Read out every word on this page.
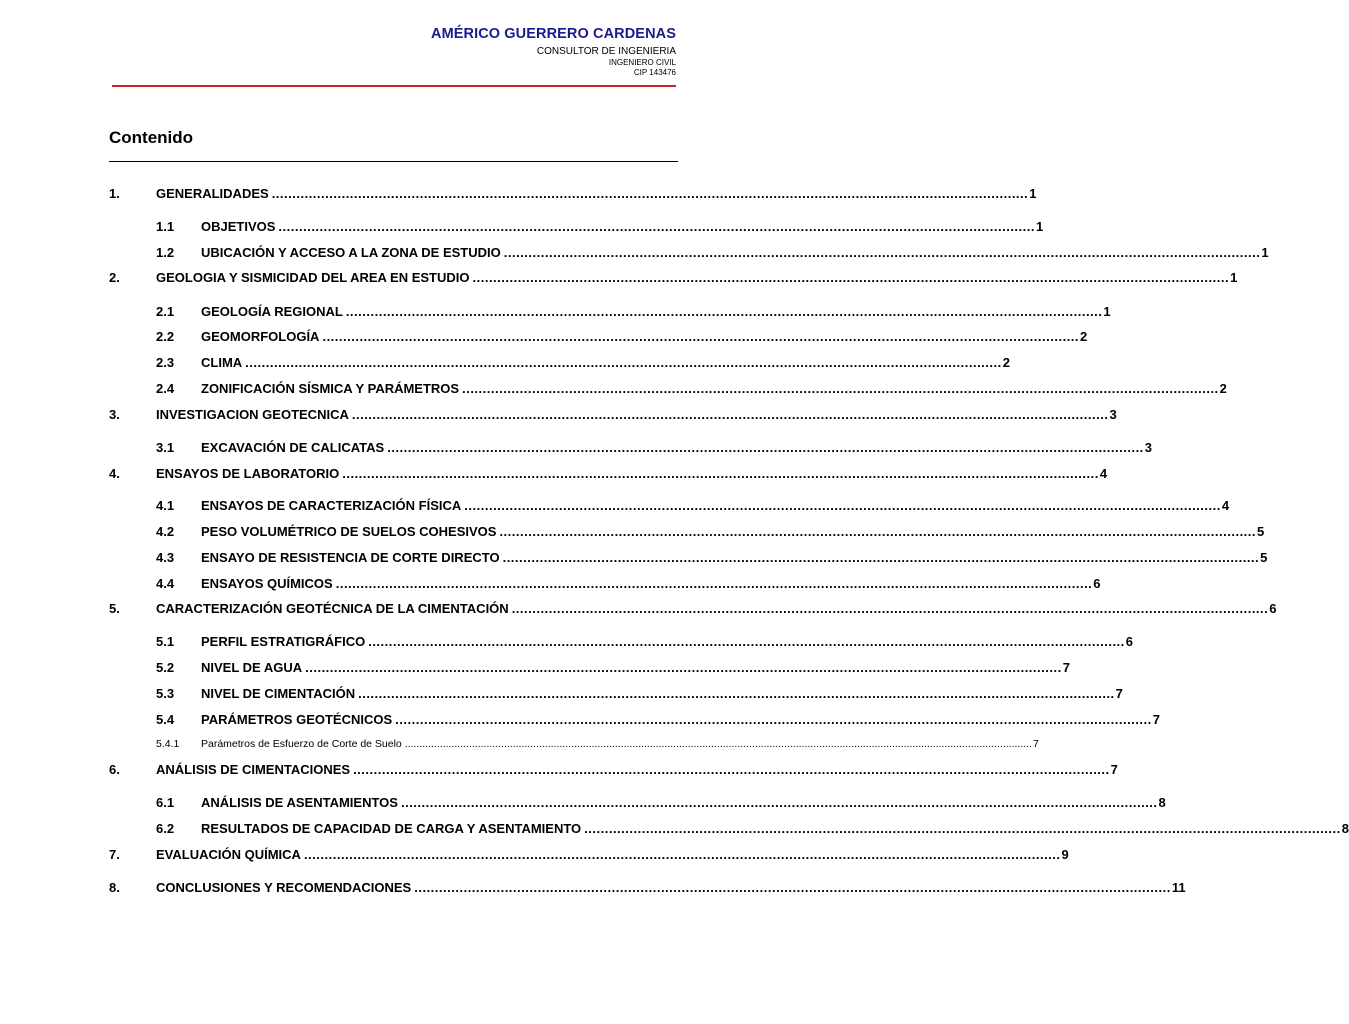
AMÉRICO GUERRERO CARDENAS
CONSULTOR DE INGENIERIA
INGENIERO CIVIL
CIP 143476
Contenido
1.	GENERALIDADES ........................................................................................................................................................................................ 1
1.1 OBJETIVOS ........................................................................................................................................................................................ 1
1.2 UBICACIÓN Y ACCESO A LA ZONA DE ESTUDIO ........................................................................................................................................................................................ 1
2.	GEOLOGIA Y SISMICIDAD DEL AREA EN ESTUDIO ........................................................................................................................................................................................ 1
2.1 GEOLOGÍA REGIONAL ........................................................................................................................................................................................ 1
2.2 GEOMORFOLOGÍA ........................................................................................................................................................................................ 2
2.3 CLIMA ........................................................................................................................................................................................ 2
2.4 ZONIFICACIÓN SÍSMICA Y PARÁMETROS ........................................................................................................................................................................................ 2
3.	INVESTIGACION GEOTECNICA ........................................................................................................................................................................................ 3
3.1 EXCAVACIÓN DE CALICATAS ........................................................................................................................................................................................ 3
4.	ENSAYOS DE LABORATORIO ........................................................................................................................................................................................ 4
4.1 ENSAYOS DE CARACTERIZACIÓN FÍSICA ........................................................................................................................................................................................ 4
4.2 PESO VOLUMÉTRICO DE SUELOS COHESIVOS ........................................................................................................................................................................................ 5
4.3 ENSAYO DE RESISTENCIA DE CORTE DIRECTO ........................................................................................................................................................................................ 5
4.4 ENSAYOS QUÍMICOS ........................................................................................................................................................................................ 6
5.	CARACTERIZACIÓN GEOTÉCNICA DE LA CIMENTACIÓN ........................................................................................................................................................................................ 6
5.1 PERFIL ESTRATIGRÁFICO ........................................................................................................................................................................................ 6
5.2 NIVEL DE AGUA ........................................................................................................................................................................................ 7
5.3 NIVEL DE CIMENTACIÓN ........................................................................................................................................................................................ 7
5.4 PARÁMETROS GEOTÉCNICOS ........................................................................................................................................................................................ 7
5.4.1 Parámetros de Esfuerzo de Corte de Suelo ....................................................................................................................................................................................................................... 7
6.	ANÁLISIS DE CIMENTACIONES ........................................................................................................................................................................................ 7
6.1 ANÁLISIS DE ASENTAMIENTOS ........................................................................................................................................................................................ 8
6.2 RESULTADOS DE CAPACIDAD DE CARGA Y ASENTAMIENTO ........................................................................................................................................................................................ 8
7.	EVALUACIÓN QUÍMICA ........................................................................................................................................................................................ 9
8.	CONCLUSIONES Y RECOMENDACIONES ........................................................................................................................................................................................ 11
